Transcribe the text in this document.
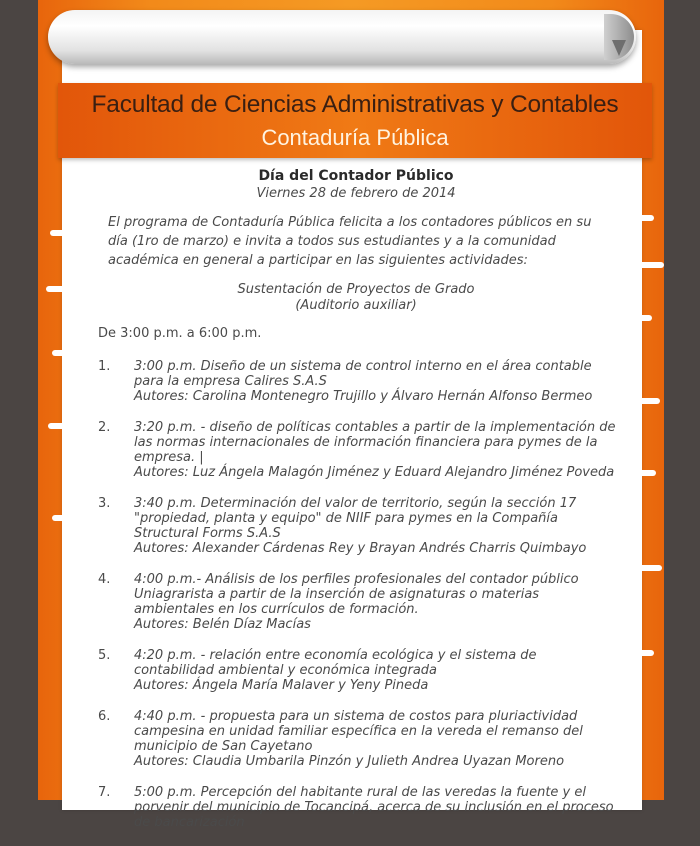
Facultad de Ciencias Administrativas y Contables
Contaduría Pública
Día del Contador Público
Viernes 28 de febrero de 2014
El programa de Contaduría Pública felicita a los contadores públicos en su día (1ro de marzo) e invita a todos sus estudiantes y a la comunidad académica en general a participar en las siguientes actividades:
Sustentación de Proyectos de Grado
(Auditorio auxiliar)
De 3:00 p.m. a 6:00 p.m.
1. 3:00 p.m. Diseño de un sistema de control interno en el área contable para la empresa Calires S.A.S
Autores: Carolina Montenegro Trujillo y Álvaro Hernán Alfonso Bermeo
2. 3:20 p.m. - diseño de políticas contables a partir de la implementación de las normas internacionales de información financiera para pymes de la empresa. |
Autores: Luz Ángela Malagón Jiménez y Eduard Alejandro Jiménez Poveda
3. 3:40 p.m. Determinación del valor de territorio, según la sección 17 "propiedad, planta y equipo" de NIIF para pymes en la Compañía Structural Forms S.A.S
Autores: Alexander Cárdenas Rey y Brayan Andrés Charris Quimbayo
4. 4:00 p.m.- Análisis de los perfiles profesionales del contador público Uniagrarista a partir de la inserción de asignaturas o materias ambientales en los currículos de formación.
Autores: Belén Díaz Macías
5. 4:20 p.m. - relación entre economía ecológica y el sistema de contabilidad ambiental y económica integrada
Autores: Ángela María Malaver y Yeny Pineda
6. 4:40 p.m. - propuesta para un sistema de costos para pluriactividad campesina en unidad familiar específica en la vereda el remanso del municipio de San Cayetano
Autores: Claudia Umbarila Pinzón y Julieth Andrea Uyazan Moreno
7. 5:00 p.m. Percepción del habitante rural de las veredas la fuente y el porvenir del municipio de Tocancipá, acerca de su inclusión en el proceso de bancarización
